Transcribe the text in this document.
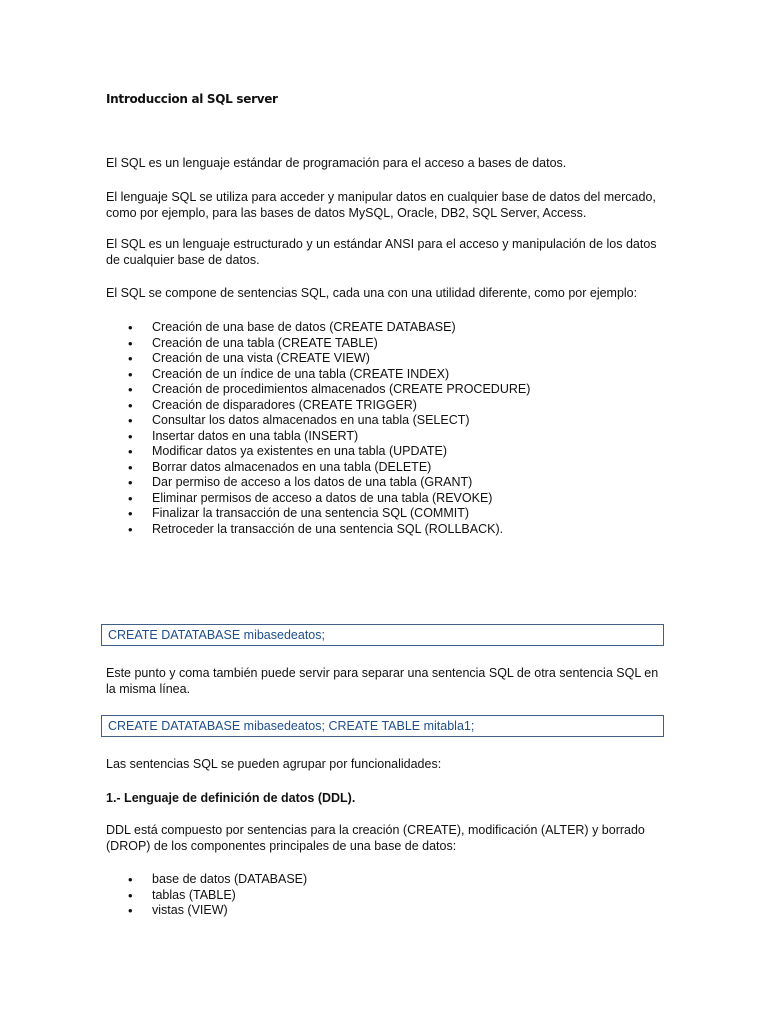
Introduccion al SQL server

El SQL es un lenguaje estándar de programación para el acceso a bases de datos.

El lenguaje SQL se utiliza para acceder y manipular datos en cualquier base de datos del mercado, como por ejemplo, para las bases de datos MySQL, Oracle, DB2, SQL Server, Access.

El SQL es un lenguaje estructurado y un estándar ANSI para el acceso y manipulación de los datos de cualquier base de datos.

El SQL se compone de sentencias SQL, cada una con una utilidad diferente, como por ejemplo:

• Creación de una base de datos (CREATE DATABASE)
• Creación de una tabla (CREATE TABLE)
• Creación de una vista (CREATE VIEW)
• Creación de un índice de una tabla (CREATE INDEX)
• Creación de procedimientos almacenados (CREATE PROCEDURE)
• Creación de disparadores (CREATE TRIGGER)
• Consultar los datos almacenados en una tabla (SELECT)
• Insertar datos en una tabla (INSERT)
• Modificar datos ya existentes en una tabla (UPDATE)
• Borrar datos almacenados en una tabla (DELETE)
• Dar permiso de acceso a los datos de una tabla (GRANT)
• Eliminar permisos de acceso a datos de una tabla (REVOKE)
• Finalizar la transacción de una sentencia SQL (COMMIT)
• Retroceder la transacción de una sentencia SQL (ROLLBACK).
CREATE DATATABASE mibasedeatos;

Este punto y coma también puede servir para separar una sentencia SQL de otra sentencia SQL en la misma línea.

CREATE DATATABASE mibasedeatos; CREATE TABLE mitabla1;

Las sentencias SQL se pueden agrupar por funcionalidades:

1.- Lenguaje de definición de datos (DDL).

DDL está compuesto por sentencias para la creación (CREATE), modificación (ALTER) y borrado (DROP) de los componentes principales de una base de datos:

• base de datos (DATABASE)
• tablas (TABLE)
• vistas (VIEW)
